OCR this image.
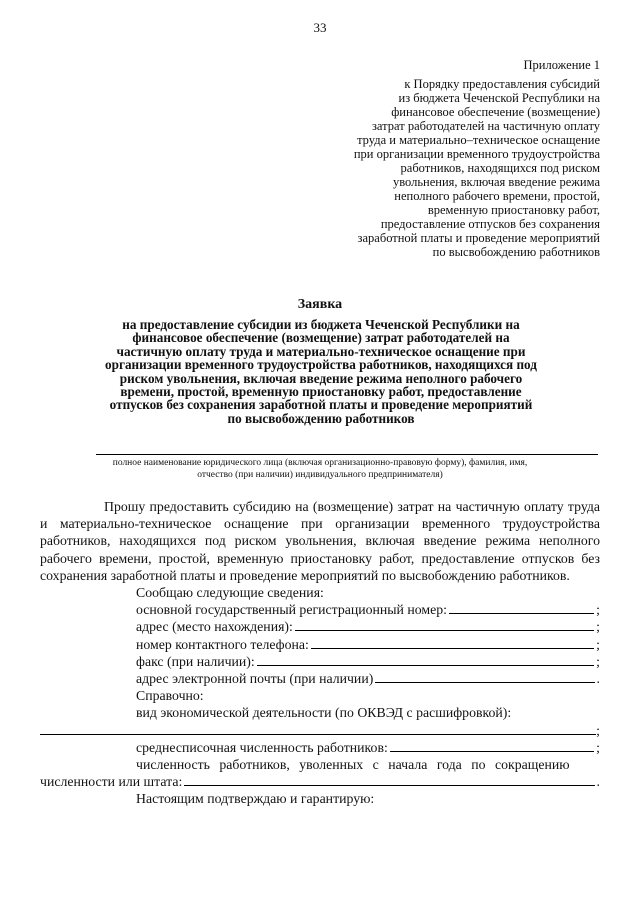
33
Приложение 1
к Порядку предоставления субсидий
из бюджета Чеченской Республики на
финансовое обеспечение (возмещение)
затрат работодателей на частичную оплату
труда и материально–техническое оснащение
при организации временного трудоустройства
работников, находящихся под риском
увольнения, включая введение режима
неполного рабочего времени, простой,
временную приостановку работ,
предоставление отпусков без сохранения
заработной платы и проведение мероприятий
по высвобождению работников
Заявка
на предоставление субсидии из бюджета Чеченской Республики на
финансовое обеспечение (возмещение) затрат работодателей на
частичную оплату труда и материально-техническое оснащение при
организации временного трудоустройства работников, находящихся под
риском увольнения, включая введение режима неполного рабочего
времени, простой, временную приостановку работ, предоставление
отпусков без сохранения заработной платы и проведение мероприятий
по высвобождению работников
полное наименование юридического лица (включая организационно-правовую форму), фамилия, имя,
отчество (при наличии) индивидуального предпринимателя)

Прошу предоставить субсидию на (возмещение) затрат на частичную оплату труда и материально-техническое оснащение при организации временного трудоустройства работников, находящихся под риском увольнения, включая введение режима неполного рабочего времени, простой, временную приостановку работ, предоставление отпусков без сохранения заработной платы и проведение мероприятий по высвобождению работников.

Сообщаю следующие сведения:
основной государственный регистрационный номер:	;
адрес (место нахождения):	;
номер контактного телефона:	;
факс (при наличии):	;
адрес электронной почты (при наличии)	.
Справочно:
вид экономической деятельности (по ОКВЭД с расшифровкой):
;
среднесписочная численность работников:	;
численность работников, уволенных с начала года по сокращению
численности или штата:	.
Настоящим подтверждаю и гарантирую:
